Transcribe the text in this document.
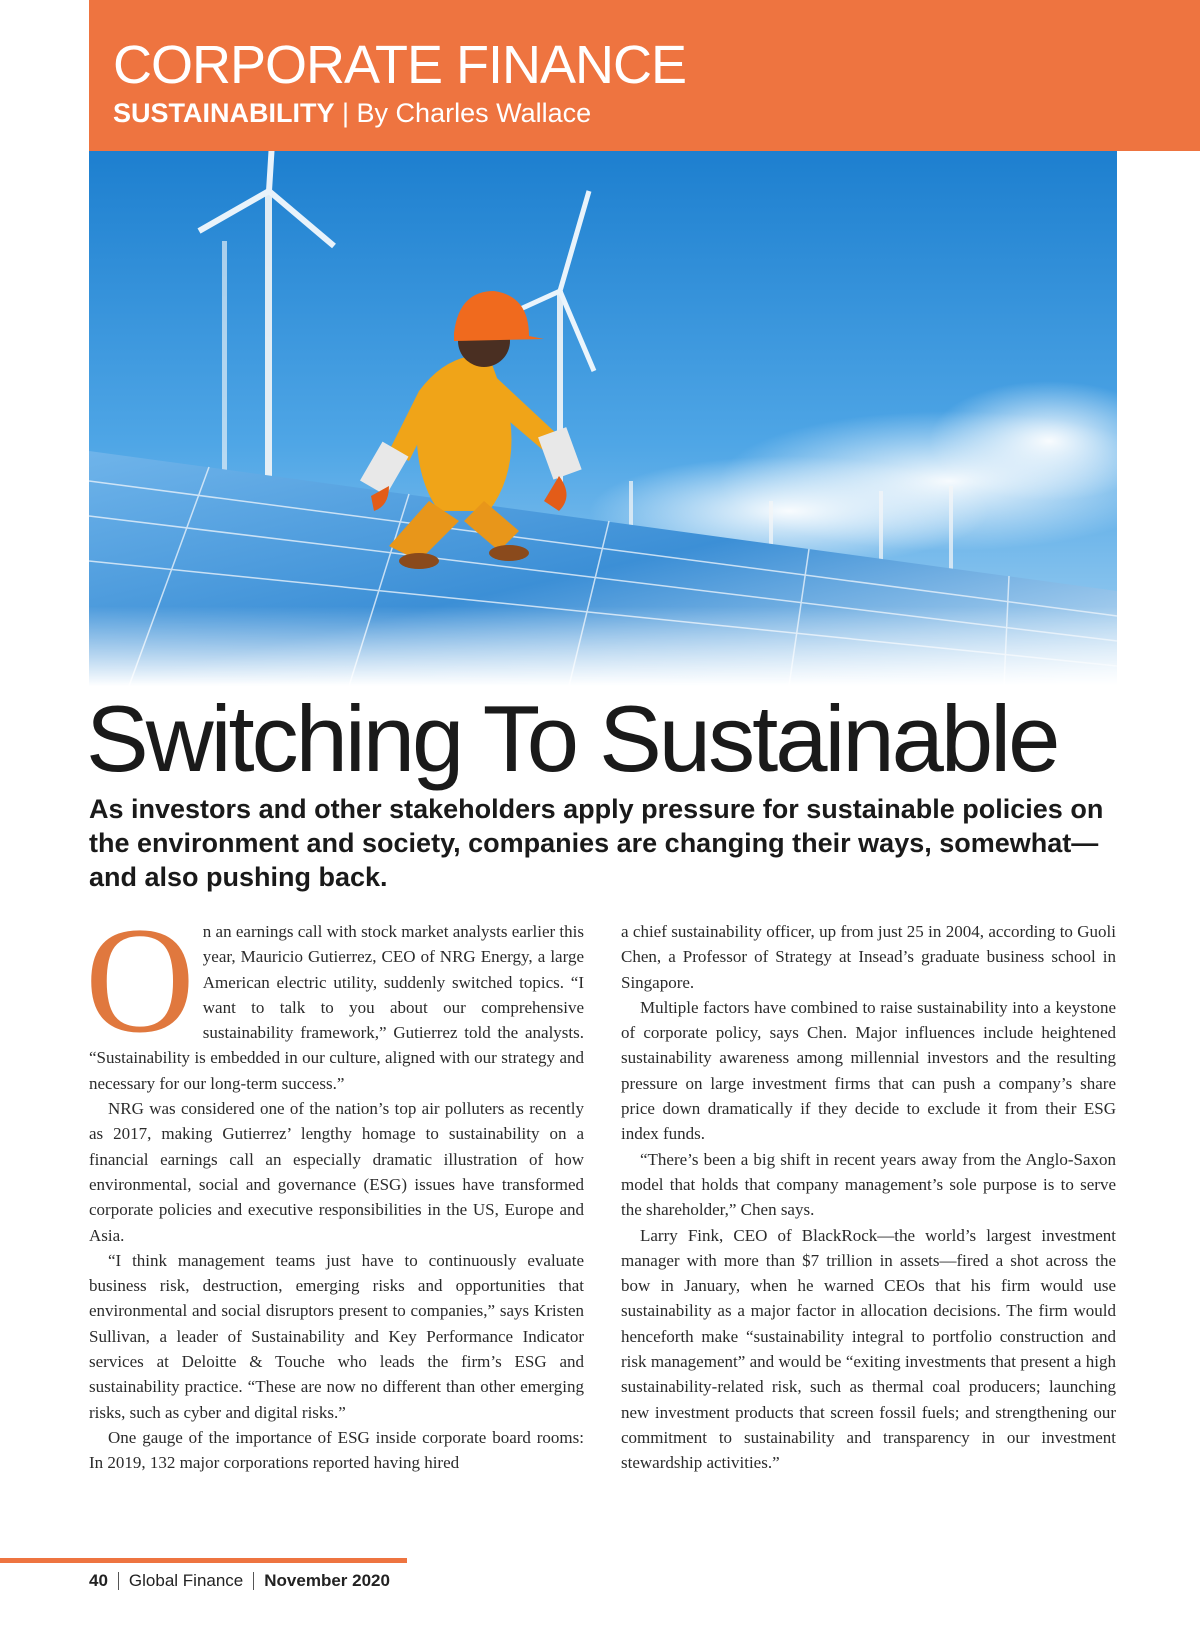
CORPORATE FINANCE
SUSTAINABILITY | By Charles Wallace
Switching To Sustainable

As investors and other stakeholders apply pressure for sustainable policies on the environment and society, companies are changing their ways, somewhat—and also pushing back.

O n an earnings call with stock market analysts earlier this year, Mauricio Gutierrez, CEO of NRG Energy, a large American electric utility, suddenly switched topics. “I want to talk to you about our comprehensive sustainability framework,” Gutierrez told the analysts. “Sustainability is embedded in our culture, aligned with our strategy and necessary for our long-term success.”

NRG was considered one of the nation’s top air polluters as recently as 2017, making Gutierrez’ lengthy homage to sustainability on a financial earnings call an especially dramatic illustration of how environmental, social and governance (ESG) issues have transformed corporate policies and executive responsibilities in the US, Europe and Asia.

“I think management teams just have to continuously evaluate business risk, destruction, emerging risks and opportunities that environmental and social disruptors present to companies,” says Kristen Sullivan, a leader of Sustainability and Key Performance Indicator services at Deloitte & Touche who leads the firm’s ESG and sustainability practice. “These are now no different than other emerging risks, such as cyber and digital risks.”

One gauge of the importance of ESG inside corporate board rooms: In 2019, 132 major corporations reported having hired

a chief sustainability officer, up from just 25 in 2004, according to Guoli Chen, a Professor of Strategy at Insead’s graduate business school in Singapore.

Multiple factors have combined to raise sustainability into a keystone of corporate policy, says Chen. Major influences include heightened sustainability awareness among millennial investors and the resulting pressure on large investment firms that can push a company’s share price down dramatically if they decide to exclude it from their ESG index funds.

“There’s been a big shift in recent years away from the Anglo-Saxon model that holds that company management’s sole purpose is to serve the shareholder,” Chen says.

Larry Fink, CEO of BlackRock—the world’s largest investment manager with more than $7 trillion in assets—fired a shot across the bow in January, when he warned CEOs that his firm would use sustainability as a major factor in allocation decisions. The firm would henceforth make “sustainability integral to portfolio construction and risk management” and would be “exiting investments that present a high sustainability-related risk, such as thermal coal producers; launching new investment products that screen fossil fuels; and strengthening our commitment to sustainability and transparency in our investment stewardship activities.”

40 Global Finance November 2020
